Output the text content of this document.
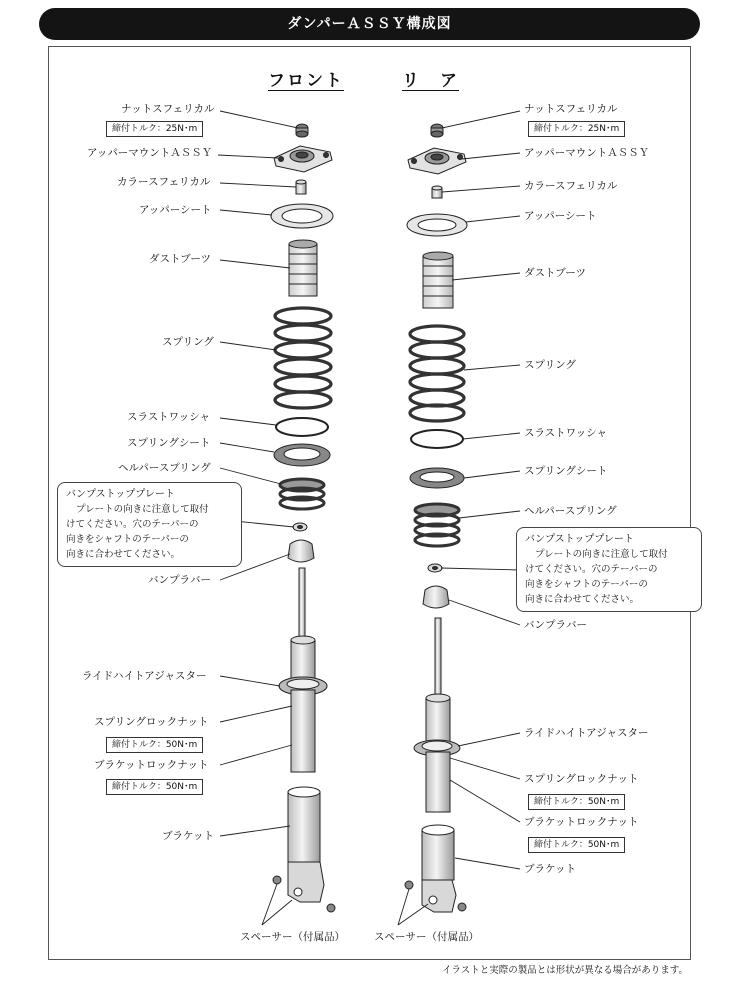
ダンパーＡＳＳＹ構成図
フロント	リ　ア
ナットスフェリカル
締付トルク：25N･m
アッパーマウントＡＳＳＹ
カラースフェリカル
アッパーシート
ダストブーツ
スプリング
スラストワッシャ
スプリングシート
ヘルパースプリング
バンプストッププレート
プレートの向きに注意して取付
けてください。穴のテーパーの
向きをシャフトのテーパーの
向きに合わせてください。
バンプラバー
ライドハイトアジャスター
スプリングロックナット
締付トルク：50N･m
ブラケットロックナット
締付トルク：50N･m
ブラケット
スペーサー（付属品）
ナットスフェリカル
締付トルク：25N･m
アッパーマウントＡＳＳＹ
カラースフェリカル
アッパーシート
ダストブーツ
スプリング
スラストワッシャ
スプリングシート
ヘルパースプリング
バンプストッププレート
プレートの向きに注意して取付
けてください。穴のテーパーの
向きをシャフトのテーパーの
向きに合わせてください。
バンプラバー
ライドハイトアジャスター
スプリングロックナット
締付トルク：50N･m
ブラケットロックナット
締付トルク：50N･m
ブラケット
スペーサー（付属品）
イラストと実際の製品とは形状が異なる場合があります。
